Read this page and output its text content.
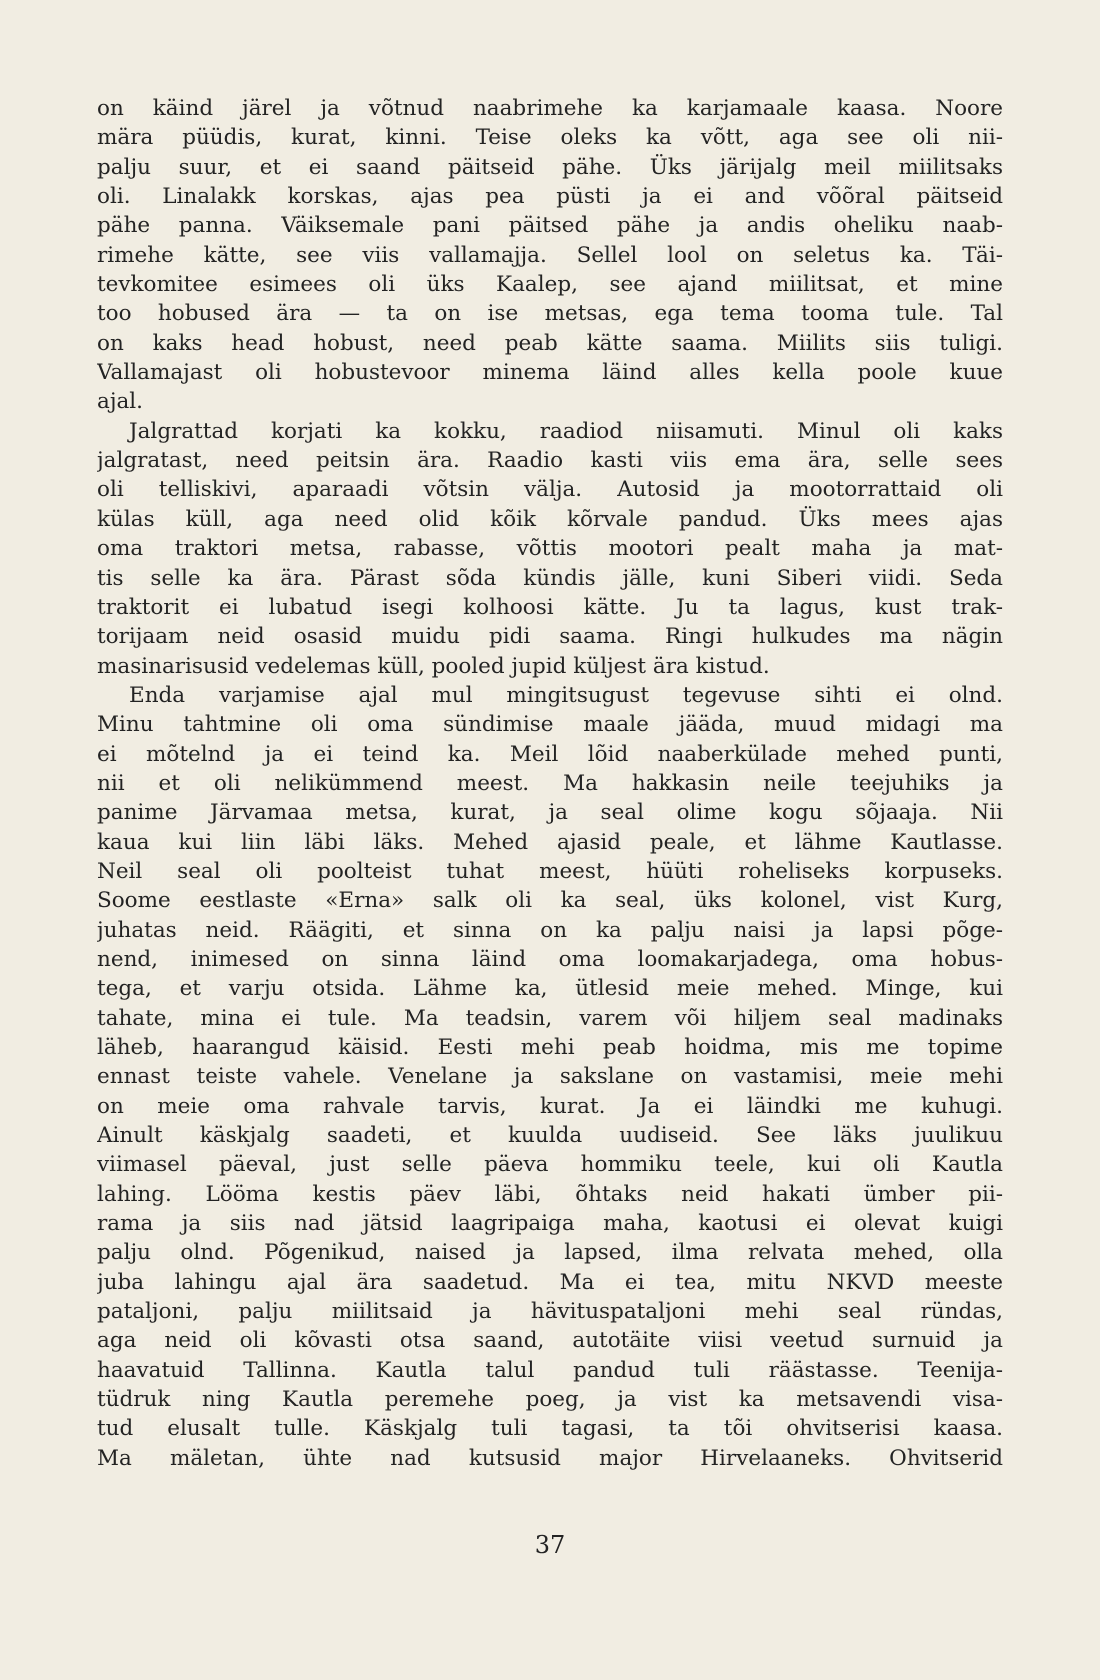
on käind järel ja võtnud naabrimehe ka karjamaale kaasa. Noore
mära püüdis, kurat, kinni. Teise oleks ka võtt, aga see oli nii-
palju suur, et ei saand päitseid pähe. Üks järijalg meil miilitsaks
oli. Linalakk korskas, ajas pea püsti ja ei and võõral päitseid
pähe panna. Väiksemale pani päitsed pähe ja andis oheliku naab-
rimehe kätte, see viis vallamajja. Sellel lool on seletus ka. Täi-
tevkomitee esimees oli üks Kaalep, see ajand miilitsat, et mine
too hobused ära — ta on ise metsas, ega tema tooma tule. Tal
on kaks head hobust, need peab kätte saama. Miilits siis tuligi.
Vallamajast oli hobustevoor minema läind alles kella poole kuue
ajal.
Jalgrattad korjati ka kokku, raadiod niisamuti. Minul oli kaks
jalgratast, need peitsin ära. Raadio kasti viis ema ära, selle sees
oli telliskivi, aparaadi võtsin välja. Autosid ja mootorrattaid oli
külas küll, aga need olid kõik kõrvale pandud. Üks mees ajas
oma traktori metsa, rabasse, võttis mootori pealt maha ja mat-
tis selle ka ära. Pärast sõda kündis jälle, kuni Siberi viidi. Seda
traktorit ei lubatud isegi kolhoosi kätte. Ju ta lagus, kust trak-
torijaam neid osasid muidu pidi saama. Ringi hulkudes ma nägin
masinarisusid vedelemas küll, pooled jupid küljest ära kistud.
Enda varjamise ajal mul mingitsugust tegevuse sihti ei olnd.
Minu tahtmine oli oma sündimise maale jääda, muud midagi ma
ei mõtelnd ja ei teind ka. Meil lõid naaberkülade mehed punti,
nii et oli nelikümmend meest. Ma hakkasin neile teejuhiks ja
panime Järvamaa metsa, kurat, ja seal olime kogu sõjaaja. Nii
kaua kui liin läbi läks. Mehed ajasid peale, et lähme Kautlasse.
Neil seal oli poolteist tuhat meest, hüüti roheliseks korpuseks.
Soome eestlaste «Erna» salk oli ka seal, üks kolonel, vist Kurg,
juhatas neid. Räägiti, et sinna on ka palju naisi ja lapsi põge-
nend, inimesed on sinna läind oma loomakarjadega, oma hobus-
tega, et varju otsida. Lähme ka, ütlesid meie mehed. Minge, kui
tahate, mina ei tule. Ma teadsin, varem või hiljem seal madinaks
läheb, haarangud käisid. Eesti mehi peab hoidma, mis me topime
ennast teiste vahele. Venelane ja sakslane on vastamisi, meie mehi
on meie oma rahvale tarvis, kurat. Ja ei läindki me kuhugi.
Ainult käskjalg saadeti, et kuulda uudiseid. See läks juulikuu
viimasel päeval, just selle päeva hommiku teele, kui oli Kautla
lahing. Lööma kestis päev läbi, õhtaks neid hakati ümber pii-
rama ja siis nad jätsid laagripaiga maha, kaotusi ei olevat kuigi
palju olnd. Põgenikud, naised ja lapsed, ilma relvata mehed, olla
juba lahingu ajal ära saadetud. Ma ei tea, mitu NKVD meeste
pataljoni, palju miilitsaid ja hävituspataljoni mehi seal ründas,
aga neid oli kõvasti otsa saand, autotäite viisi veetud surnuid ja
haavatuid Tallinna. Kautla talul pandud tuli räästasse. Teenija-
tüdruk ning Kautla peremehe poeg, ja vist ka metsavendi visa-
tud elusalt tulle. Käskjalg tuli tagasi, ta tõi ohvitserisi kaasa.
Ma mäletan, ühte nad kutsusid major Hirvelaaneks. Ohvitserid
37
